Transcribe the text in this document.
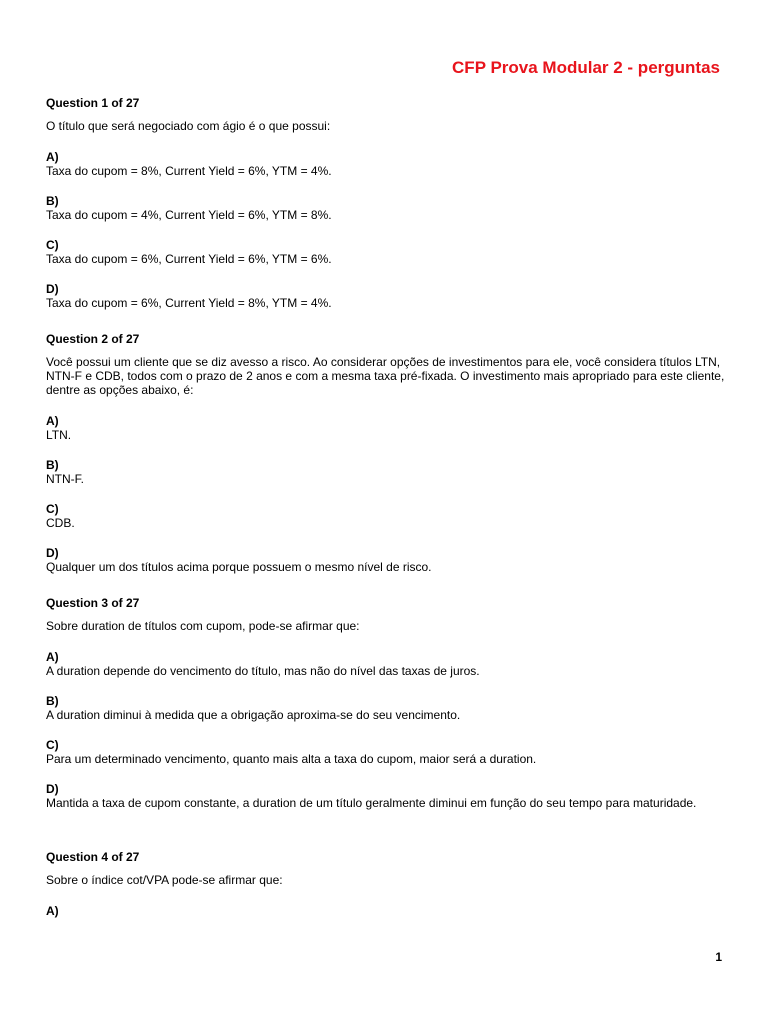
CFP Prova Modular 2 - perguntas
Question 1 of 27
O título que será negociado com ágio é o que possui:
A)
Taxa do cupom = 8%, Current Yield = 6%, YTM = 4%.
B)
Taxa do cupom = 4%, Current Yield = 6%, YTM = 8%.
C)
Taxa do cupom = 6%, Current Yield = 6%, YTM = 6%.
D)
Taxa do cupom = 6%, Current Yield = 8%, YTM = 4%.
Question 2 of 27
Você possui um cliente que se diz avesso a risco. Ao considerar opções de investimentos para ele, você considera títulos LTN, NTN-F e CDB, todos com o prazo de 2 anos e com a mesma taxa pré-fixada. O investimento mais apropriado para este cliente, dentre as opções abaixo, é:
A)
LTN.
B)
NTN-F.
C)
CDB.
D)
Qualquer um dos títulos acima porque possuem o mesmo nível de risco.
Question 3 of 27
Sobre duration de títulos com cupom, pode-se afirmar que:
A)
A duration depende do vencimento do título, mas não do nível das taxas de juros.
B)
A duration diminui à medida que a obrigação aproxima-se do seu vencimento.
C)
Para um determinado vencimento, quanto mais alta a taxa do cupom, maior será a duration.
D)
Mantida a taxa de cupom constante, a duration de um título geralmente diminui em função do seu tempo para maturidade.
Question 4 of 27
Sobre o índice cot/VPA pode-se afirmar que:
A)
1
